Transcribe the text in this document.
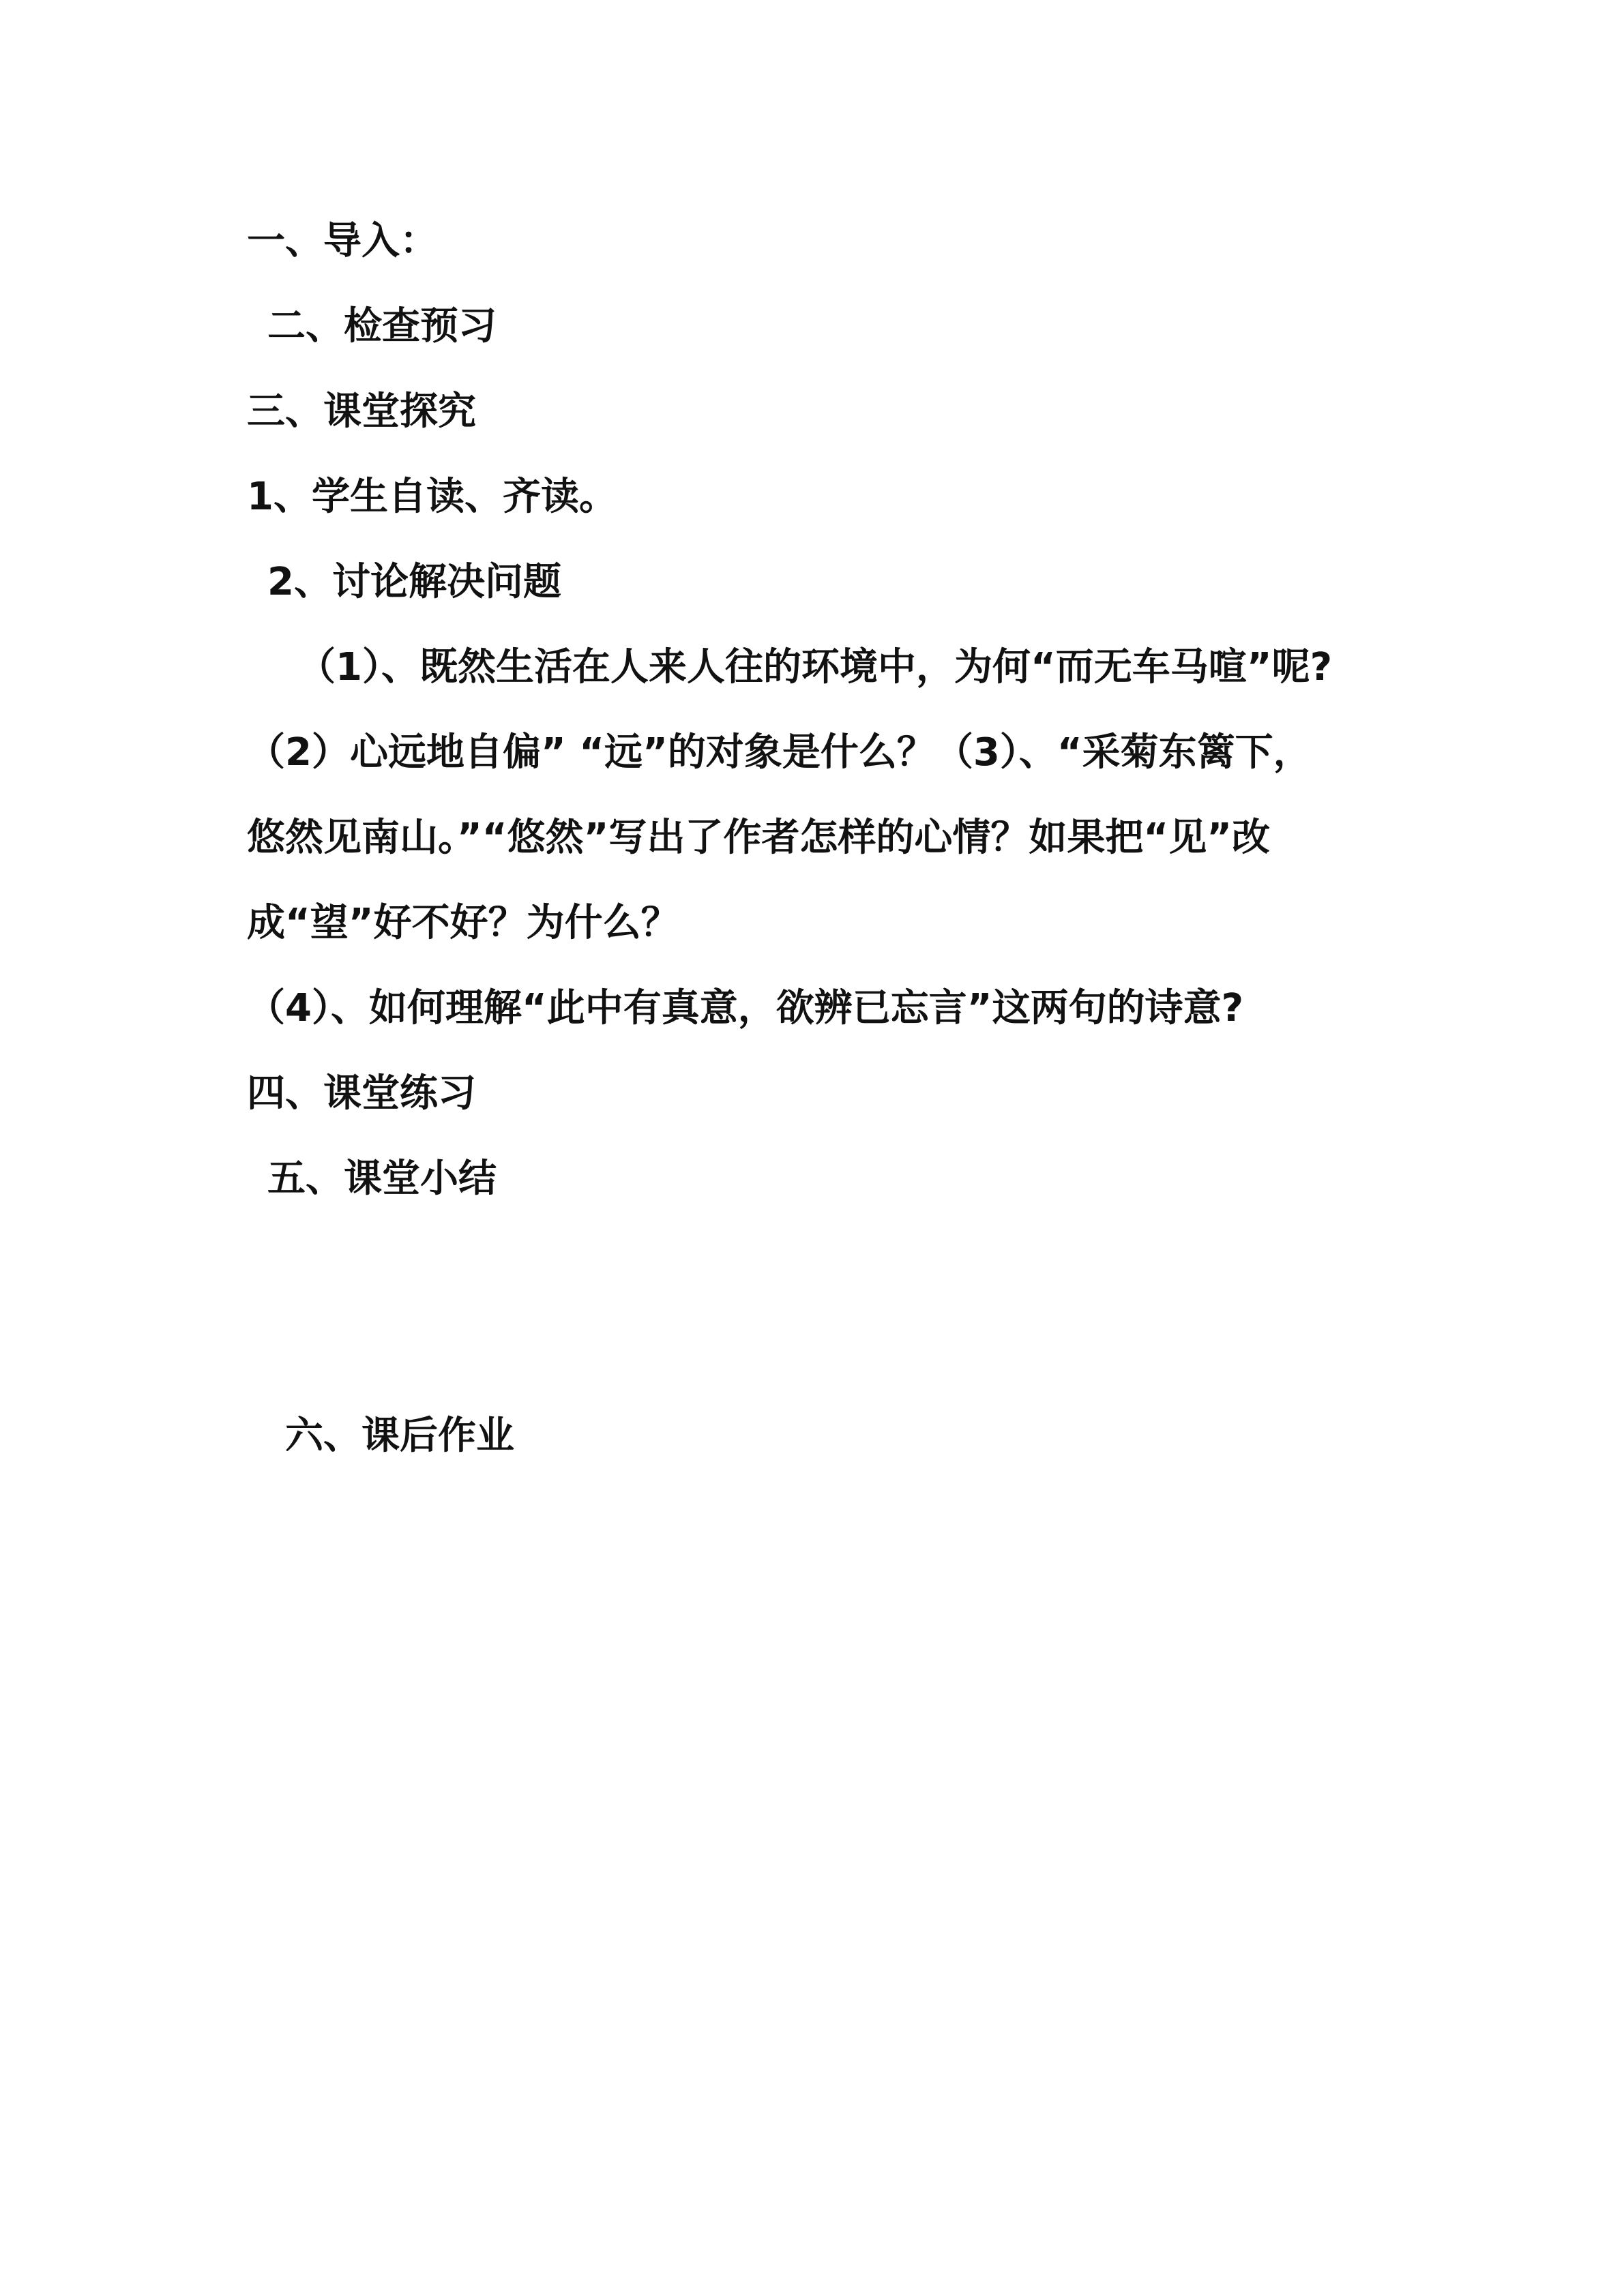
一、导入：
二、检查预习
三、课堂探究
1、学生自读、齐读。
2、讨论解决问题
（1）、既然生活在人来人往的环境中，为何“而无车马喧”呢?
（2）心远地自偏” “远”的对象是什么？（3）、“采菊东篱下，
悠然见南山。”“悠然”写出了作者怎样的心情？如果把“见”改
成“望”好不好？为什么？
（4）、如何理解“此中有真意，欲辨已忘言”这两句的诗意?
四、课堂练习
五、课堂小结
六、课后作业
